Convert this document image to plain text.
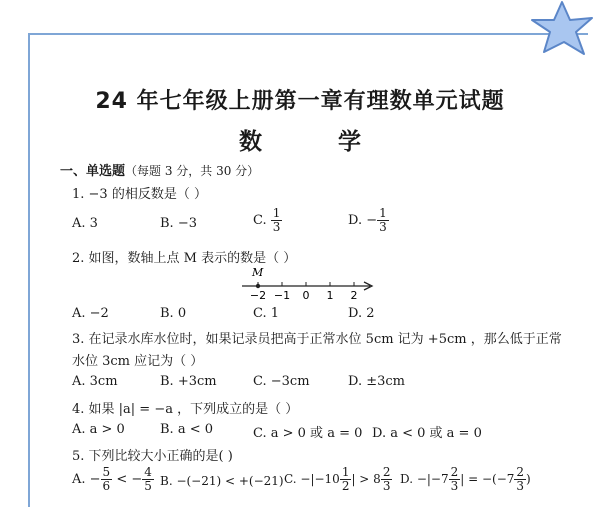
24 年七年级上册第一章有理数单元试题
数 学
一、单选题（每题 3 分，共 30 分）
1. −3 的相反数是（ ）
A. 3	B. −3	C. $\frac{1}{3}$	D. − $\frac{1}{3}$
2. 如图，数轴上点 M 表示的数是（ ）
M
−2 −1 0 1 2
A. −2	B. 0	C. 1	D. 2
3. 在记录水库水位时，如果记录员把高于正常水位 5cm 记为 +5cm ，那么低于正常
水位 3cm 应记为（ ）
A. 3cm	B. +3cm	C. −3cm	D. ±3cm
4. 如果 |a| = −a ，下列成立的是（ ）
A. a > 0	B. a < 0	C. a > 0 或 a = 0 D. a < 0 或 a = 0
5. 下列比较大小正确的是( )
A. − $\frac{5}{6}$ < − $\frac{4}{5} B$. −(−21) < +(−21) C. $-|-10 \frac{1}{2}$ | > $8 \frac{2}{3} D$. $-|-7 \frac{2}{3}$ | = $-(-7 \frac{2}{3}$ )
